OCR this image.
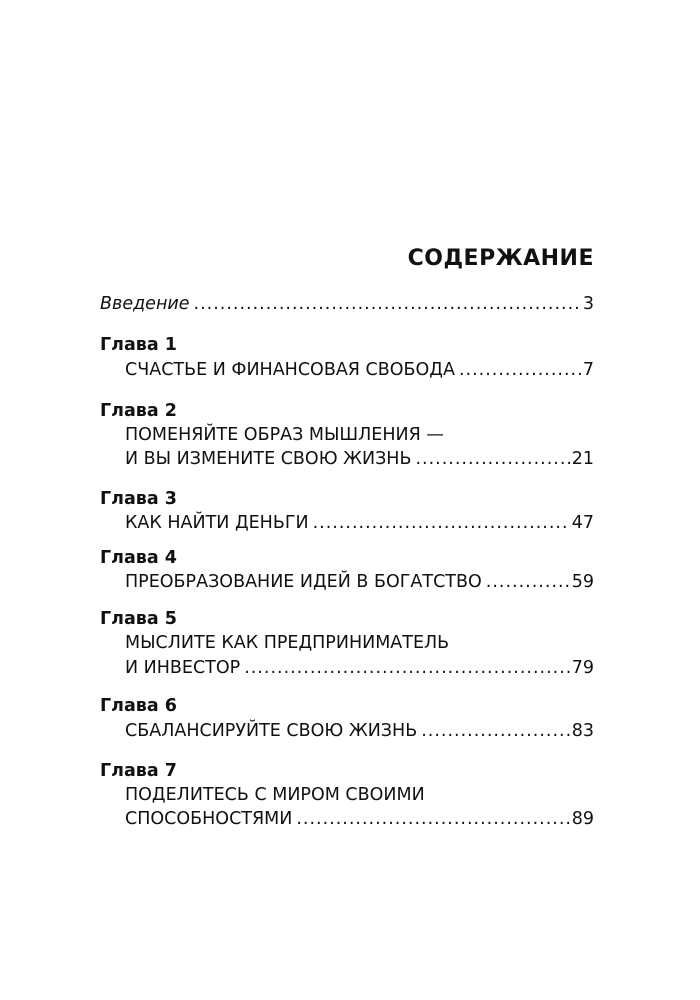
СОДЕРЖАНИЕ
Введение .....	3
Глава 1
СЧАСТЬЕ И ФИНАНСОВАЯ СВОБОДА .....	7
Глава 2
ПОМЕНЯЙТЕ ОБРАЗ МЫШЛЕНИЯ —
И ВЫ ИЗМЕНИТЕ СВОЮ ЖИЗНЬ .....	21
Глава 3
КАК НАЙТИ ДЕНЬГИ .....	47
Глава 4
ПРЕОБРАЗОВАНИЕ ИДЕЙ В БОГАТСТВО .....	59
Глава 5
МЫСЛИТЕ КАК ПРЕДПРИНИМАТЕЛЬ
И ИНВЕСТОР .....	79
Глава 6
СБАЛАНСИРУЙТЕ СВОЮ ЖИЗНЬ .....	83
Глава 7
ПОДЕЛИТЕСЬ С МИРОМ СВОИМИ
СПОСОБНОСТЯМИ .....	89
